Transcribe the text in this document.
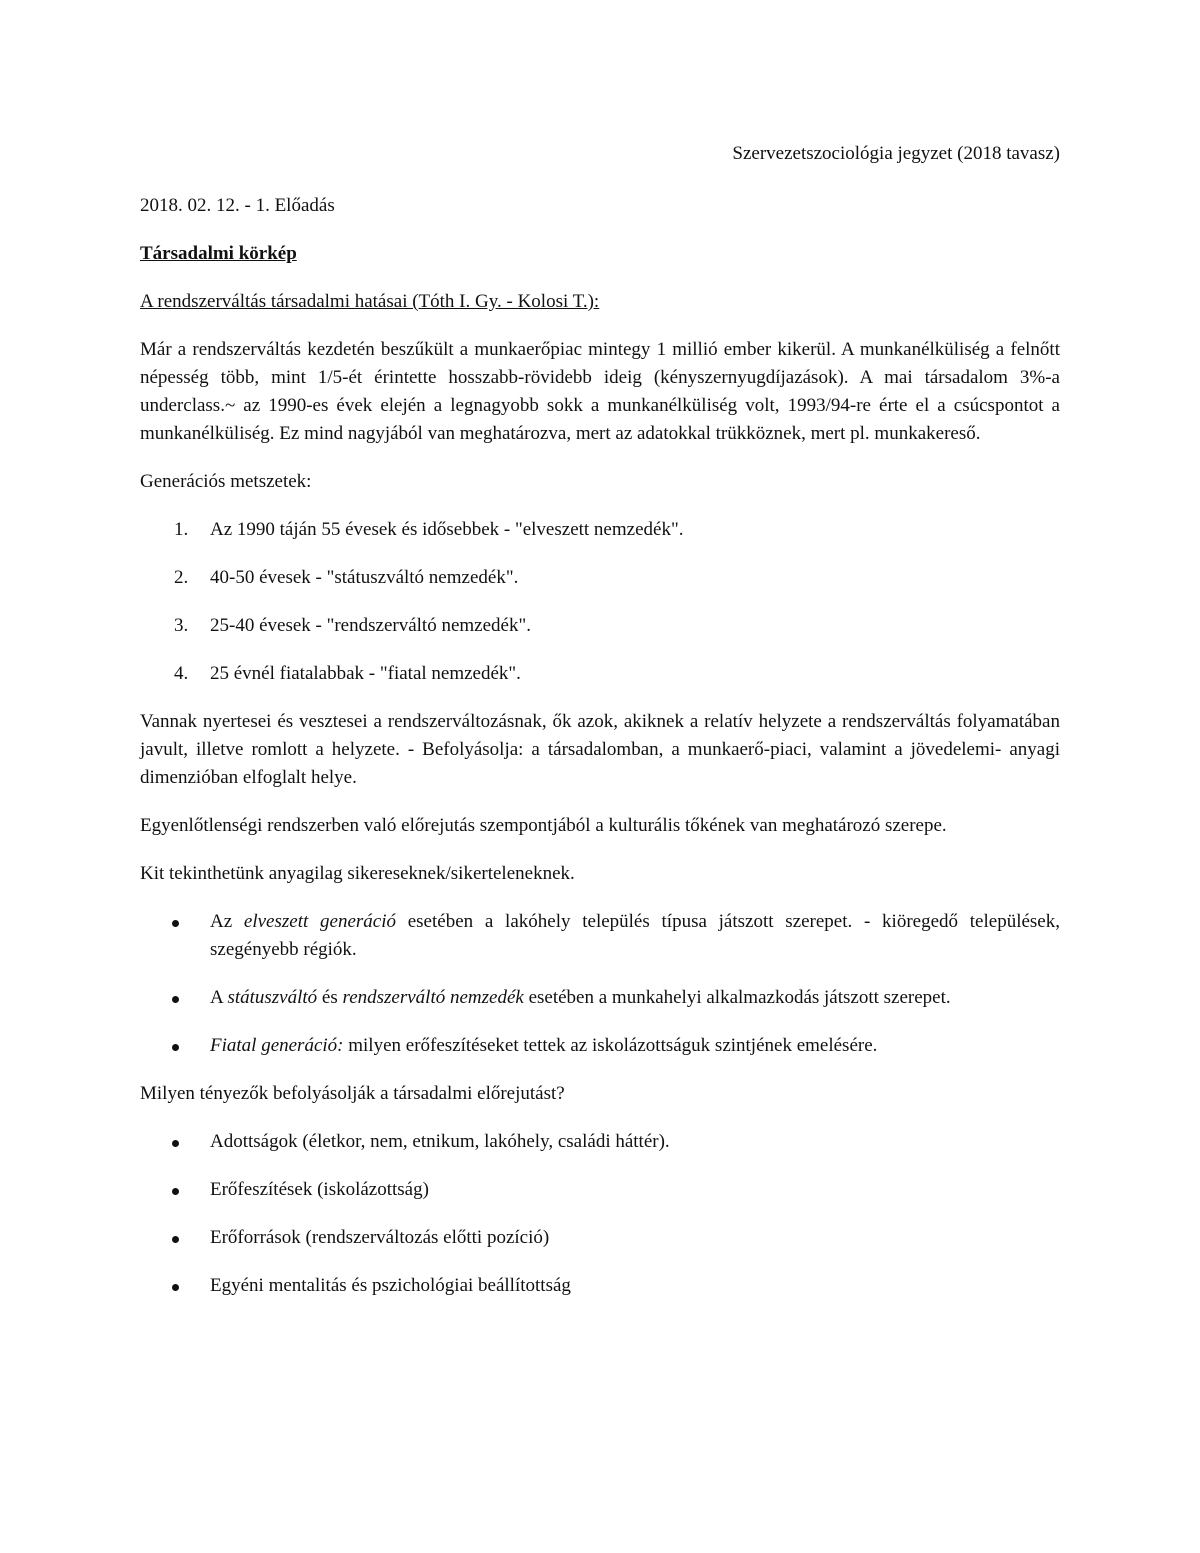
Szervezetszociológia jegyzet (2018 tavasz)

2018. 02. 12. - 1. Előadás

Társadalmi körkép

A rendszerváltás társadalmi hatásai (Tóth I. Gy. - Kolosi T.):

Már a rendszerváltás kezdetén beszűkült a munkaerőpiac mintegy 1 millió ember kikerül. A munkanélküliség a felnőtt népesség több, mint 1/5-ét érintette hosszabb-rövidebb ideig (kényszernyugdíjazások). A mai társadalom 3%-a underclass.~ az 1990-es évek elején a legnagyobb sokk a munkanélküliség volt, 1993/94-re érte el a csúcspontot a munkanélküliség. Ez mind nagyjából van meghatározva, mert az adatokkal trükköznek, mert pl. munkakereső.

Generációs metszetek:

1. Az 1990 táján 55 évesek és idősebbek - "elveszett nemzedék".
2. 40-50 évesek - "státuszváltó nemzedék".
3. 25-40 évesek - "rendszerváltó nemzedék".
4. 25 évnél fiatalabbak - "fiatal nemzedék".

Vannak nyertesei és vesztesei a rendszerváltozásnak, ők azok, akiknek a relatív helyzete a rendszerváltás folyamatában javult, illetve romlott a helyzete. - Befolyásolja: a társadalomban, a munkaerő-piaci, valamint a jövedelemi- anyagi dimenzióban elfoglalt helye.

Egyenlőtlenségi rendszerben való előrejutás szempontjából a kulturális tőkének van meghatározó szerepe.

Kit tekinthetünk anyagilag sikereseknek/sikerteleneknek.

Az elveszett generáció esetében a lakóhely település típusa játszott szerepet. - kiöregedő települések, szegényebb régiók.
A státuszváltó és rendszerváltó nemzedék esetében a munkahelyi alkalmazkodás játszott szerepet.
Fiatal generáció: milyen erőfeszítéseket tettek az iskolázottságuk szintjének emelésére.

Milyen tényezők befolyásolják a társadalmi előrejutást?

Adottságok (életkor, nem, etnikum, lakóhely, családi háttér).
Erőfeszítések (iskolázottság)
Erőforrások (rendszerváltozás előtti pozíció)
Egyéni mentalitás és pszichológiai beállítottság
